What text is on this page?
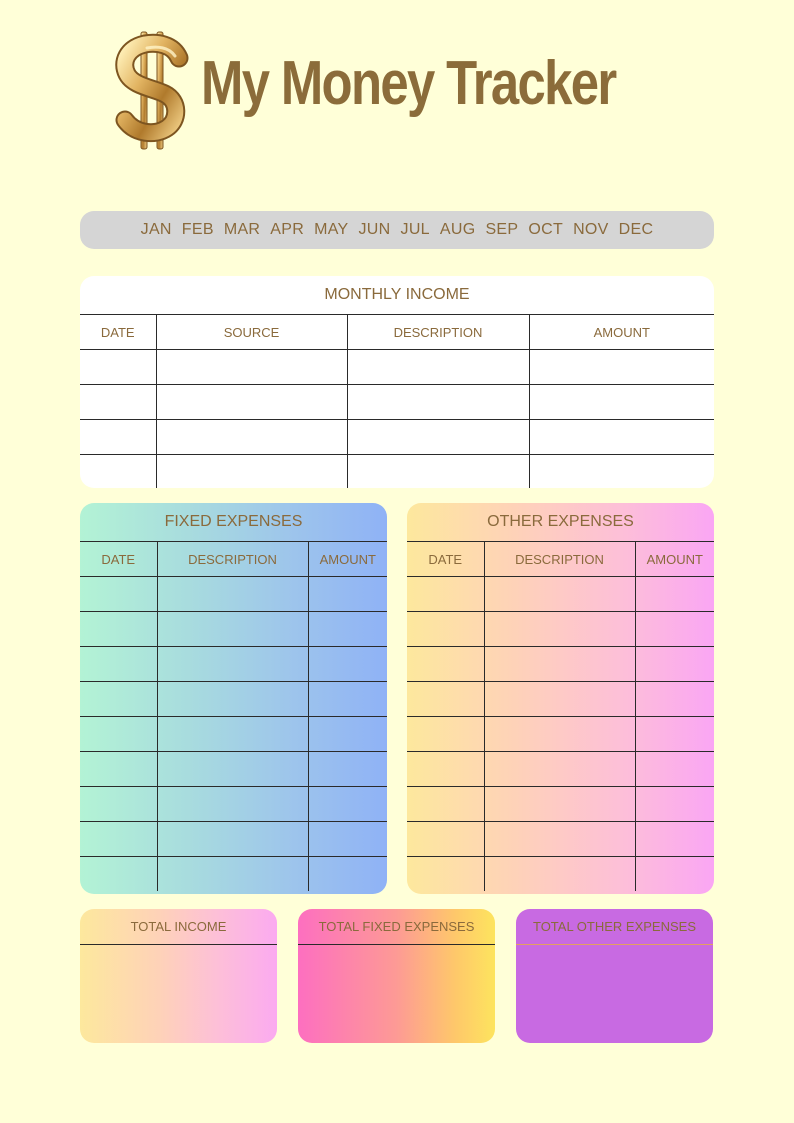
My Money Tracker
JAN FEB MAR APR MAY JUN JUL AUG SEP OCT NOV DEC
MONTHLY INCOME
DATE	SOURCE	DESCRIPTION	AMOUNT

FIXED EXPENSES
DATE	DESCRIPTION	AMOUNT

OTHER EXPENSES
DATE	DESCRIPTION	AMOUNT

TOTAL INCOME	TOTAL FIXED EXPENSES	TOTAL OTHER EXPENSES
